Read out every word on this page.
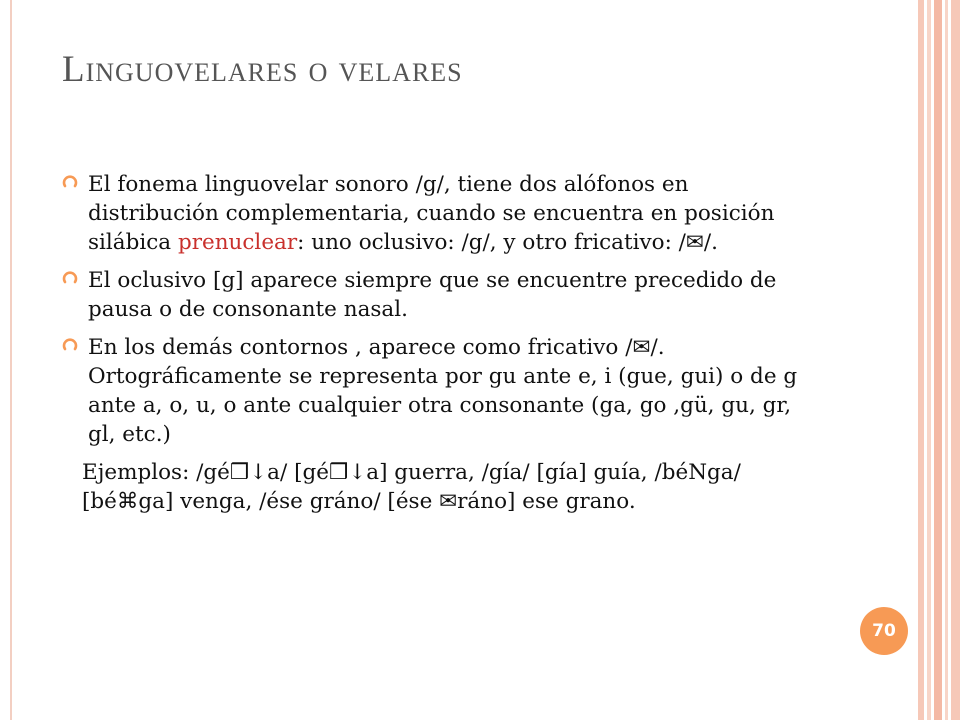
Linguovelares o velares
El fonema linguovelar sonoro /g/, tiene dos alófonos en distribución complementaria, cuando se encuentra en posición silábica prenuclear: uno oclusivo: /g/, y otro fricativo: /✉/.
El oclusivo [g] aparece siempre que se encuentre precedido de pausa o de consonante nasal.
En los demás contornos , aparece como fricativo /✉/. Ortográficamente se representa por gu ante e, i (gue, gui) o de g ante a, o, u, o ante cualquier otra consonante (ga, go ,gü, gu, gr, gl, etc.)
Ejemplos: /gé❒↓a/ [gé❒↓a] guerra, /gía/ [gía] guía, /béNga/ [bé⌘ga] venga, /ése gráno/ [ése ✉ráno] ese grano.
70
